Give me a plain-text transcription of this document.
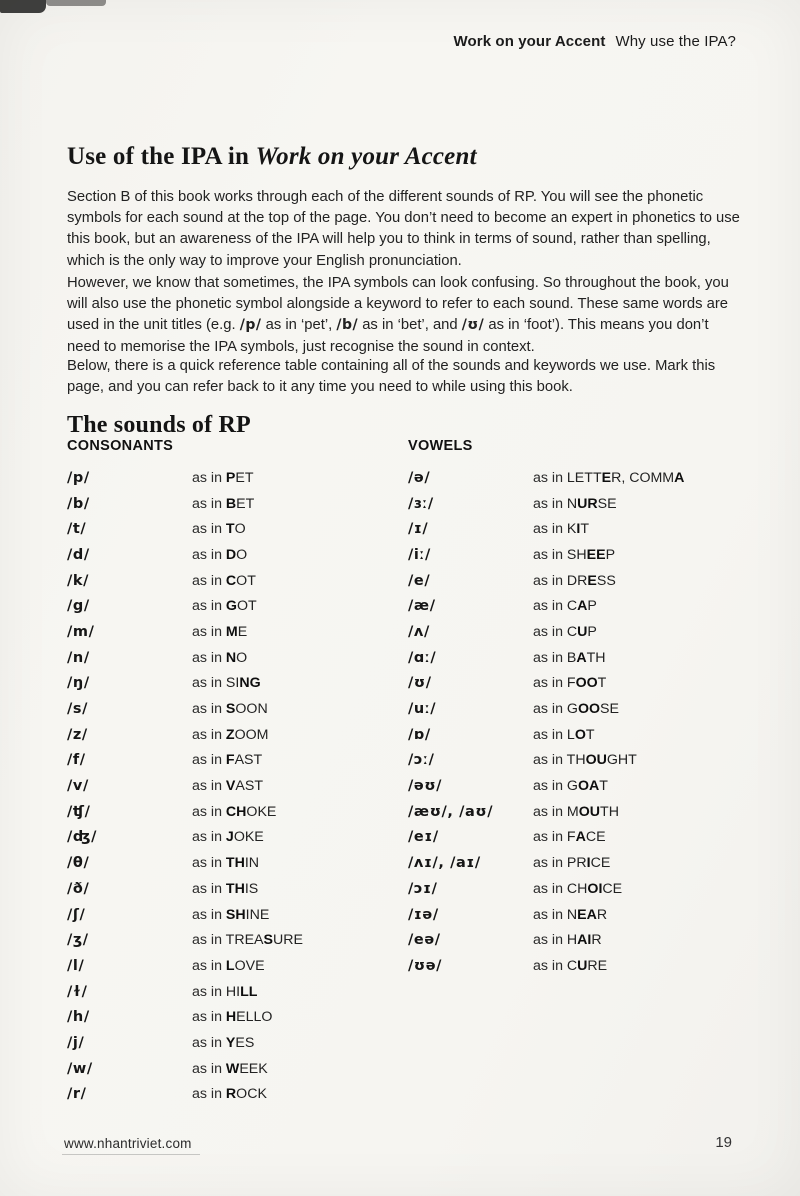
Work on your Accent Why use the IPA?
Use of the IPA in Work on your Accent

Section B of this book works through each of the different sounds of RP. You will see the phonetic symbols for each sound at the top of the page. You don’t need to become an expert in phonetics to use this book, but an awareness of the IPA will help you to think in terms of sound, rather than spelling, which is the only way to improve your English pronunciation.

However, we know that sometimes, the IPA symbols can look confusing. So throughout the book, you will also use the phonetic symbol alongside a keyword to refer to each sound. These same words are used in the unit titles (e.g. /p/ as in ‘pet’, /b/ as in ‘bet’, and /ʊ/ as in ‘foot’). This means you don’t need to memorise the IPA symbols, just recognise the sound in context.

Below, there is a quick reference table containing all of the sounds and keywords we use. Mark this page, and you can refer back to it any time you need to while using this book.

The sounds of RP
CONSONANTS
/p/	as in PET
/b/	as in BET
/t/	as in TO
/d/	as in DO
/k/	as in COT
/g/	as in GOT
/m/	as in ME
/n/	as in NO
/ŋ/	as in SING
/s/	as in SOON
/z/	as in ZOOM
/f/	as in FAST
/v/	as in VAST
/ʧ/	as in CHOKE
/ʤ/	as in JOKE
/θ/	as in THIN
/ð/	as in THIS
/ʃ/	as in SHINE
/ʒ/	as in TREASURE
/l/	as in LOVE
/ɫ/	as in HILL
/h/	as in HELLO
/j/	as in YES
/w/	as in WEEK
/r/	as in ROCK
VOWELS
/ə/	as in LETTER, COMMA
/ɜː/	as in NURSE
/ɪ/	as in KIT
/iː/	as in SHEEP
/e/	as in DRESS
/æ/	as in CAP
/ʌ/	as in CUP
/ɑː/	as in BATH
/ʊ/	as in FOOT
/uː/	as in GOOSE
/ɒ/	as in LOT
/ɔː/	as in THOUGHT
/əʊ/	as in GOAT
/æʊ/, /aʊ/	as in MOUTH
/eɪ/	as in FACE
/ʌɪ/, /aɪ/	as in PRICE
/ɔɪ/	as in CHOICE
/ɪə/	as in NEAR
/eə/	as in HAIR
/ʊə/	as in CURE
www.nhantriviet.com	19
